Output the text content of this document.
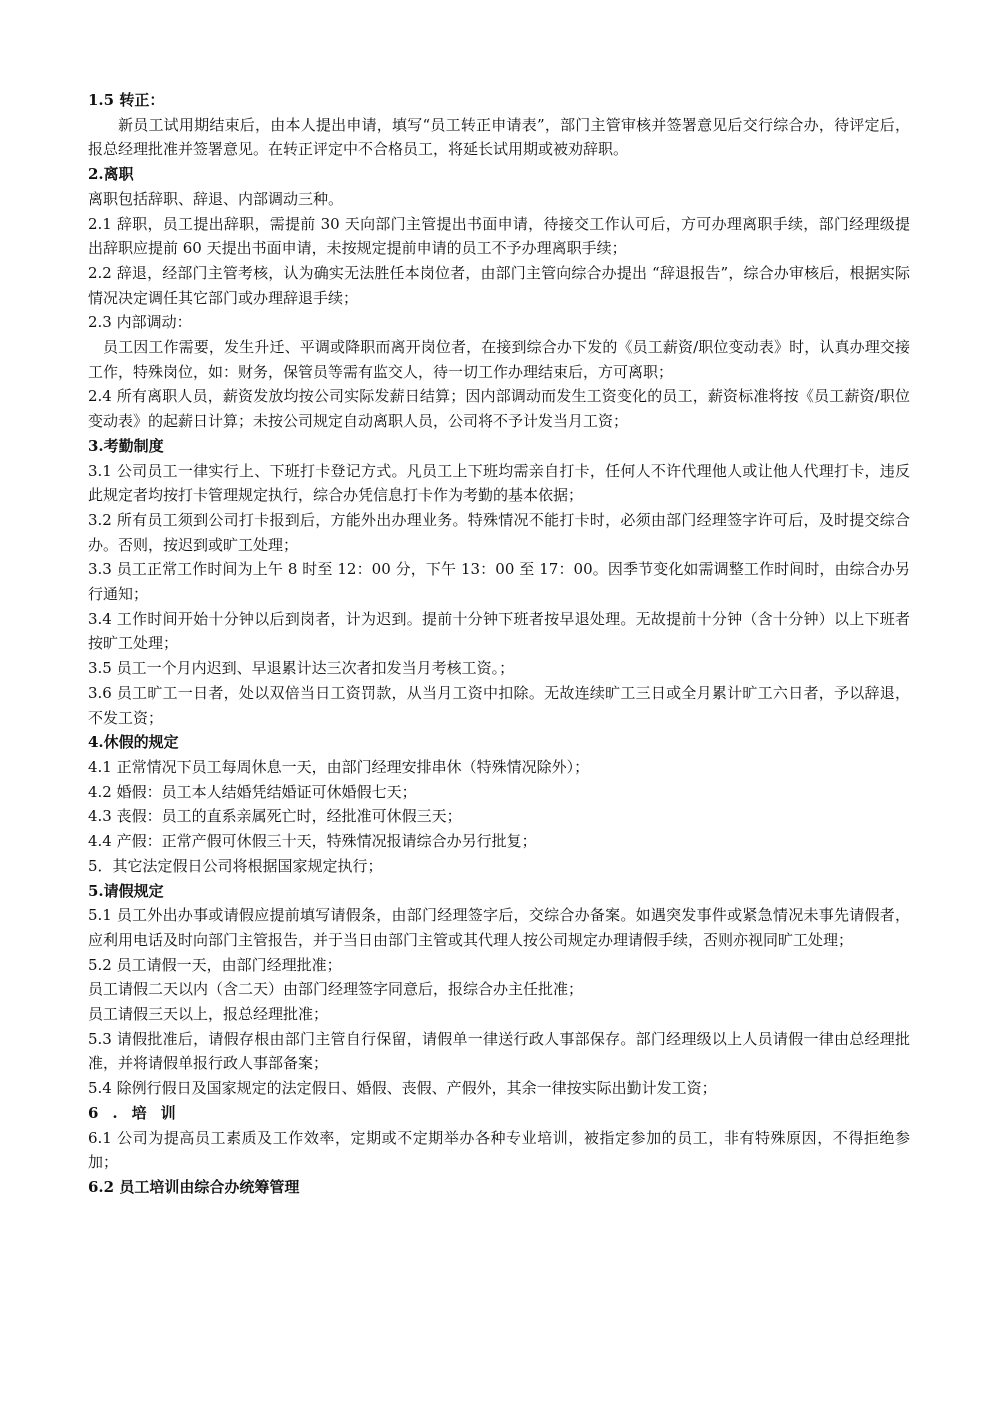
1.5 转正：

新员工试用期结束后，由本人提出申请，填写“员工转正申请表”，部门主管审核并签署意见后交行综合办，待评定后，报总经理批准并签署意见。在转正评定中不合格员工，将延长试用期或被劝辞职。

2.离职

离职包括辞职、辞退、内部调动三种。

2.1 辞职，员工提出辞职，需提前 30 天向部门主管提出书面申请，待接交工作认可后，方可办理离职手续，部门经理级提出辞职应提前 60 天提出书面申请，未按规定提前申请的员工不予办理离职手续；

2.2 辞退，经部门主管考核，认为确实无法胜任本岗位者，由部门主管向综合办提出 “辞退报告”，综合办审核后，根据实际情况决定调任其它部门或办理辞退手续；

2.3 内部调动：

员工因工作需要，发生升迁、平调或降职而离开岗位者，在接到综合办下发的《员工薪资/职位变动表》时，认真办理交接工作，特殊岗位，如：财务，保管员等需有监交人，待一切工作办理结束后，方可离职；

2.4 所有离职人员，薪资发放均按公司实际发薪日结算；因内部调动而发生工资变化的员工，薪资标准将按《员工薪资/职位变动表》的起薪日计算；未按公司规定自动离职人员，公司将不予计发当月工资；

3.考勤制度

3.1 公司员工一律实行上、下班打卡登记方式。凡员工上下班均需亲自打卡，任何人不许代理他人或让他人代理打卡，违反此规定者均按打卡管理规定执行，综合办凭信息打卡作为考勤的基本依据；

3.2 所有员工须到公司打卡报到后，方能外出办理业务。特殊情况不能打卡时，必须由部门经理签字许可后，及时提交综合办。否则，按迟到或旷工处理；

3.3 员工正常工作时间为上午 8 时至 12：00 分，下午 13：00 至 17：00。因季节变化如需调整工作时间时，由综合办另行通知；

3.4 工作时间开始十分钟以后到岗者，计为迟到。提前十分钟下班者按早退处理。无故提前十分钟（含十分钟）以上下班者按旷工处理；

3.5 员工一个月内迟到、早退累计达三次者扣发当月考核工资。；

3.6 员工旷工一日者，处以双倍当日工资罚款，从当月工资中扣除。无故连续旷工三日或全月累计旷工六日者，予以辞退，不发工资；

4.休假的规定

4.1 正常情况下员工每周休息一天，由部门经理安排串休（特殊情况除外）；

4.2 婚假：员工本人结婚凭结婚证可休婚假七天；

4.3 丧假：员工的直系亲属死亡时，经批准可休假三天；

4.4 产假：正常产假可休假三十天，特殊情况报请综合办另行批复；

5．其它法定假日公司将根据国家规定执行；

5.请假规定

5.1 员工外出办事或请假应提前填写请假条，由部门经理签字后，交综合办备案。如遇突发事件或紧急情况未事先请假者，应利用电话及时向部门主管报告，并于当日由部门主管或其代理人按公司规定办理请假手续，否则亦视同旷工处理；

5.2 员工请假一天，由部门经理批准；

员工请假二天以内（含二天）由部门经理签字同意后，报综合办主任批准；

员工请假三天以上，报总经理批准；

5.3 请假批准后，请假存根由部门主管自行保留，请假单一律送行政人事部保存。部门经理级以上人员请假一律由总经理批准，并将请假单报行政人事部备案；

5.4 除例行假日及国家规定的法定假日、婚假、丧假、产假外，其余一律按实际出勤计发工资；

6.培训

6.1 公司为提高员工素质及工作效率，定期或不定期举办各种专业培训，被指定参加的员工，非有特殊原因，不得拒绝参加；

6.2 员工培训由综合办统筹管理
